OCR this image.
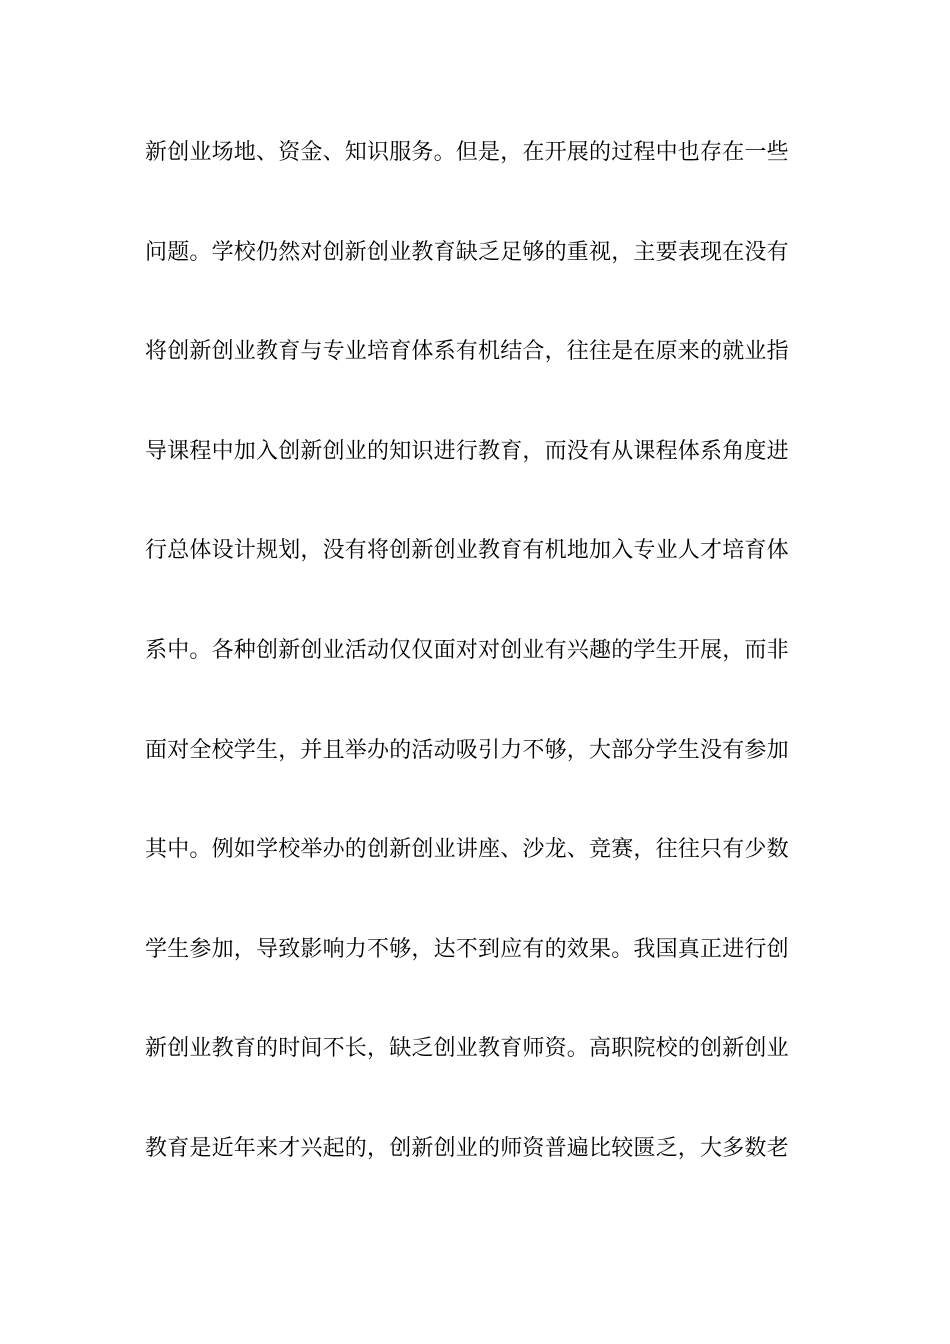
新创业场地、资金、知识服务。但是，在开展的过程中也存在一些
问题。学校仍然对创新创业教育缺乏足够的重视，主要表现在没有
将创新创业教育与专业培育体系有机结合，往往是在原来的就业指
导课程中加入创新创业的知识进行教育，而没有从课程体系角度进
行总体设计规划，没有将创新创业教育有机地加入专业人才培育体
系中。各种创新创业活动仅仅面对对创业有兴趣的学生开展，而非
面对全校学生，并且举办的活动吸引力不够，大部分学生没有参加
其中。例如学校举办的创新创业讲座、沙龙、竞赛，往往只有少数
学生参加，导致影响力不够，达不到应有的效果。我国真正进行创
新创业教育的时间不长，缺乏创业教育师资。高职院校的创新创业
教育是近年来才兴起的，创新创业的师资普遍比较匮乏，大多数老
